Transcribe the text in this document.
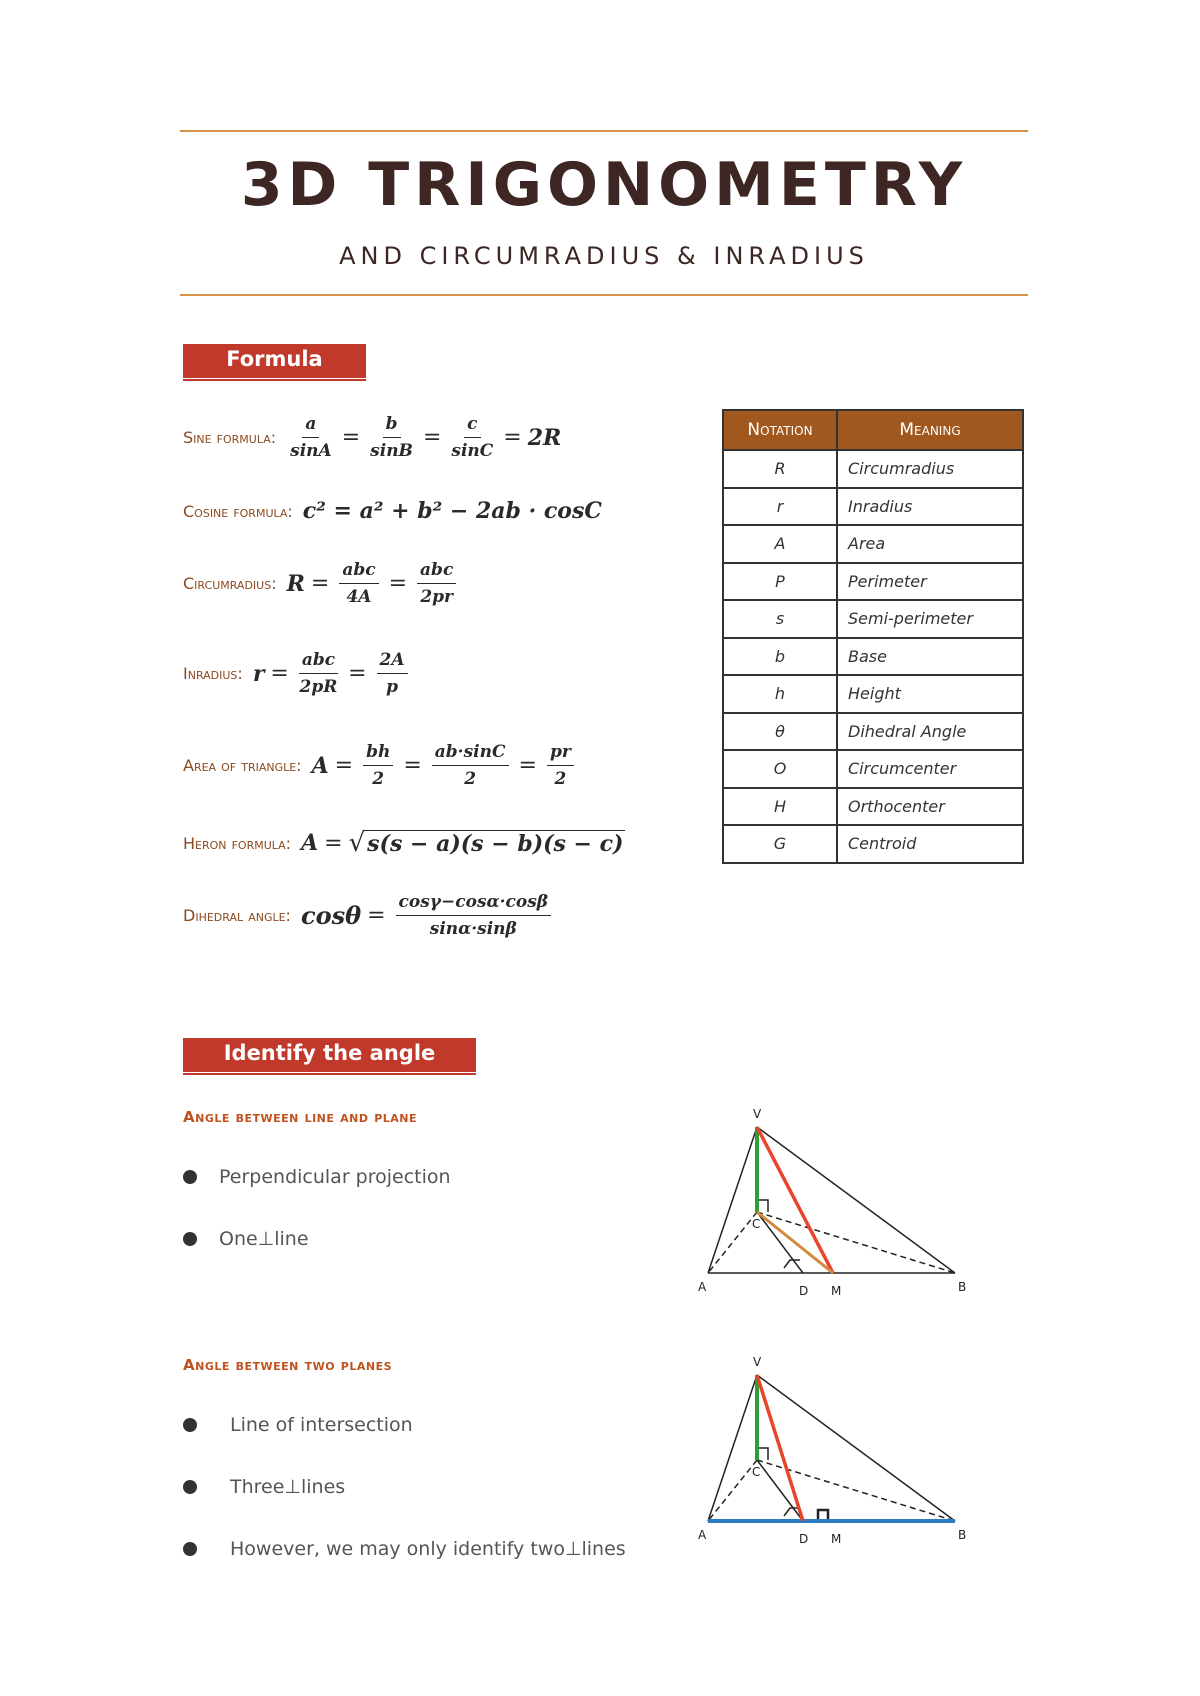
3D TRIGONOMETRY
AND CIRCUMRADIUS & INRADIUS
Formula
Sine formula: $\frac{a}{\sin A} = \frac{b}{\sin B} = \frac{c}{\sin C} = 2R$
Cosine formula: c² = a² + b² − 2ab · cosC
Circumradius: $R = \frac{\text{abc}}{4A} = \frac{\text{abc}}{2pr}$
Inradius: $r = \frac{\text{abc}}{2pR} = \frac{2A}{p}$
Area of triangle: $A = \frac{bh}{2} = \frac{ab\cdot\sin C}{2} = \frac{pr}{2}$
Heron formula: A = √ s(s − a)(s − b)(s − c)
Dihedral angle: $\cos\theta = \frac{\cos\gamma-\cos\alpha\cdot\cos\beta}{\sin\alpha\cdot\sin\beta}$
Notation	Meaning
R	Circumradius
r	Inradius
A	Area
P	Perimeter
s	Semi-perimeter
b	Base
h	Height
θ	Dihedral Angle
O	Circumcenter
H	Orthocenter
G	Centroid
Identify the angle
Angle between line and plane
Perpendicular projection
One⊥line
Angle between two planes
Line of intersection
Three⊥lines
However, we may only identify two⊥lines
V
C
A	D M	B
V
C
A	D M	B
